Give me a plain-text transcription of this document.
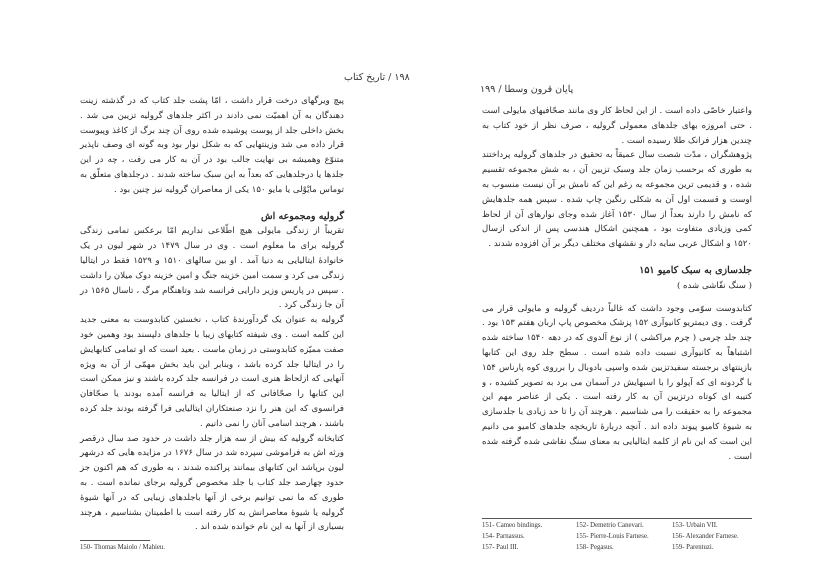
۱۹۸ / تاریخ کتاب

پیچ ویرگهای درخت قرار داشت ، امّا پشت جلد کتاب که در گذشته زینت دهندگان به آن اهمیّت نمی دادند در اکثر جلدهای گرولیه تزیین می شد . بخش داخلی جلد از پوست پوشیده شده روی آن چند برگ از کاغذ وپیوست قرار داده می شد وزینتهایی که به شکل نوار بود وبه گونه ای وصف ناپذیر متنوّع وهمیشه بی نهایت جالب بود در آن به کار می رفت ، چه در این جلدها یا درجلدهایی که بعداً به این سبک ساخته شدند . درجلدهای متعلّق به توماس مایْوْلی یا مایو ۱۵۰ یکی از معاصران گرولیه نیز چنین بود .

گرولیه ومجموعه اش

تقریباً از زندگی مایولی هیچ اطّلاعی نداریم امّا برعکس تمامی زندگی گرولیه برای ما معلوم است . وی در سال ۱۴۷۹ در شهر لیون در یک خانوادهٔ ایتالیایی به دنیا آمد . او بین سالهای ۱۵۱۰ و ۱۵۲۹ فقط در ایتالیا زندگی می کرد و سمت امین خزینه جنگ و امین خزینه دوک میلان را داشت . سپس در پاریس وزیر دارایی فرانسه شد وتاهنگام مرگ ، تاسال ۱۵۶۵ در آن جا زندگی کرد .

گرولیه به عنوان یک گردآورندهٔ کتاب ، نخستین کتابدوست به معنی جدید این کلمه است . وی شیفته کتابهای زیبا با جلدهای دلپسند بود وهمین خود صفت ممیّزه کتابدوستی در زمان ماست . بعید است که او تمامی کتابهایش را در ایتالیا جلد کرده باشد ، وبنابر این باید بخش مهمّی از آن به ویژه آنهایی که ازلحاظ هنری است در فرانسه جلد کرده باشند و نیز ممکن است این کتابها را صحّافانی که از ایتالیا به فرانسه آمده بودند یا صحّافان فرانسوی که این هنر را نزد صنعتکاران ایتالیایی فرا گرفته بودند جلد کرده باشند ، هرچند اسامی آنان را نمی دانیم .

کتابخانه گرولیه که بیش از سه هزار جلد داشت در حدود صد سال درقصر ورثه اش به فراموشی سپرده شد در سال ۱۶۷۶ در مزایده هایی که درشهر لیون برپاشد این کتابهای بیمانند پراکنده شدند ، به طوری که هم اکنون جز حدود چهارصد جلد کتاب با جلد مخصوص گرولیه برجای نمانده است . به طوری که ما نمی توانیم برخی از آنها باجلدهای زیبایی که در آنها شیوهٔ گرولیه یا شیوهٔ معاصرانش به کار رفته است با اطمینان بشناسیم ، هرچند بسیاری از آنها به این نام خوانده شده اند .

150- Thomas Maiolo / Mahieu.
پایان قرون وسطا / ۱۹۹

واعتبار خاصّی داده است . از این لحاظ کار وی مانند صحّافیهای مایولی است . حتی امروزه بهای جلدهای معمولی گرولیه ، صرف نظر از خود کتاب به چندین هزار فرانک طلا رسیده است .

پژوهشگران ، مدّت شصت سال عمیقاً به تحقیق در جلدهای گرولیه پرداختند به طوری که برحسب زمان جلد وسبک تزیین آن ، به شش مجموعه تقسیم شده ، و قدیمی ترین مجموعه به رغم این که نامش بر آن نیست منسوب به اوست و قسمت اول آن به شکلی رنگین چاپ شده . سپس همه جلدهایش که نامش را دارند بعداً از سال ۱۵۳۰ آغاز شده وجای نوارهای آن از لحاظ کمی وزیادی متفاوت بود ، همچنین اشکال هندسی پس از اندکی ازسال ۱۵۲۰ و اشکال عربی سایه دار و نقشهای مختلف دیگر بر آن افزوده شدند .

جلدسازی به سبک کامیو ۱۵۱

( سنگ نقّاشی شده )

کتابدوست سوّمی وجود داشت که غالباً دردیف گرولیه و مایولی قرار می گرفت . وی دیمتریو کانیوآری ۱۵۲ پزشک مخصوص پاپ اربان هفتم ۱۵۳ بود . چند جلد چرمی ( چرم مراکشی ) از نوع آلدوی که در دهه ۱۵۴۰ ساخته شده اشتباهاً به کانیوآری نسبت داده شده است . سطح جلد روی این کتابها بازینتهای برجسته سفیدتزیین شده واسپی بادوبال را برروی کوه پارناس ۱۵۴ با گردونه ای که آپولو را با اسبهایش در آسمان می برد به تصویر کشیده ، و کتیبه ای کوتاه درتزیین آن به کار رفته است . یکی از عناصر مهم این مجموعه را به حقیقت را می شناسیم . هرچند آن را تا حد زیادی با جلدسازی به شیوهٔ کامیو پیوند داده اند . آنچه دربارهٔ تاریخچه جلدهای کامیو می دانیم این است که این نام از کلمه ایتالیایی به معنای سنگ نقاشی شده گرفته شده است .

151- Cameo bindings.	152- Demetrio Canevari.	153- Urbain VII.
154- Parnassus.	155- Pierre-Louis Farnese.	156- Alexander Farnese.
157- Paul III.	158- Pegasus.	159- Parentuzi.
